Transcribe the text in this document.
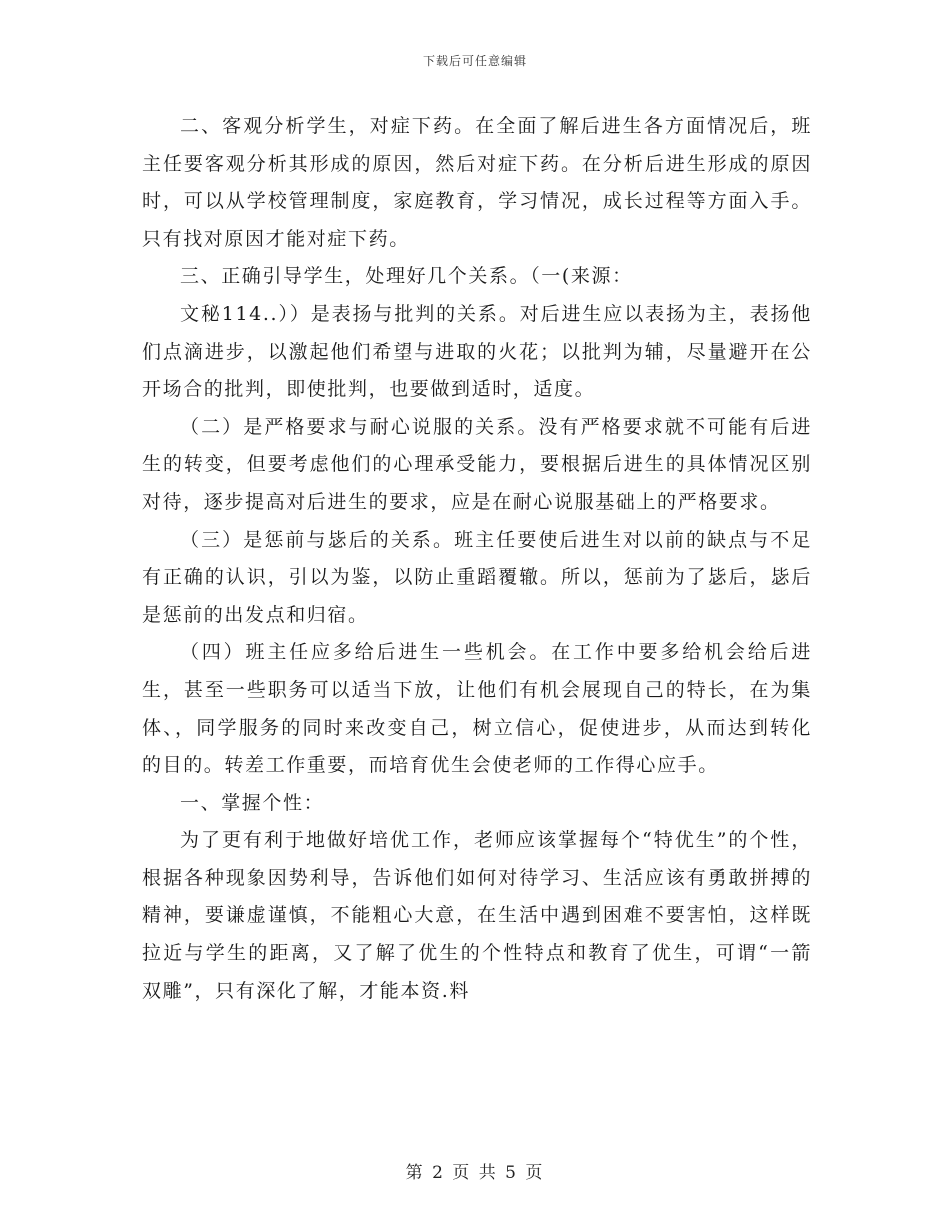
下载后可任意编辑

二、客观分析学生，对症下药。在全面了解后进生各方面情况后，班主任要客观分析其形成的原因，然后对症下药。在分析后进生形成的原因时，可以从学校管理制度，家庭教育，学习情况，成长过程等方面入手。只有找对原因才能对症下药。

三、正确引导学生，处理好几个关系。（一(来源：

文秘114..））是表扬与批判的关系。对后进生应以表扬为主，表扬他们点滴进步，以激起他们希望与进取的火花；以批判为辅，尽量避开在公开场合的批判，即使批判，也要做到适时，适度。

（二）是严格要求与耐心说服的关系。没有严格要求就不可能有后进生的转变，但要考虑他们的心理承受能力，要根据后进生的具体情况区别对待，逐步提高对后进生的要求，应是在耐心说服基础上的严格要求。

（三）是惩前与毖后的关系。班主任要使后进生对以前的缺点与不足有正确的认识，引以为鉴，以防止重蹈覆辙。所以，惩前为了毖后，毖后是惩前的出发点和归宿。

（四）班主任应多给后进生一些机会。在工作中要多给机会给后进生，甚至一些职务可以适当下放，让他们有机会展现自己的特长，在为集体、，同学服务的同时来改变自己，树立信心，促使进步，从而达到转化的目的。转差工作重要，而培育优生会使老师的工作得心应手。

一、掌握个性：

为了更有利于地做好培优工作，老师应该掌握每个“特优生”的个性，根据各种现象因势利导，告诉他们如何对待学习、生活应该有勇敢拼搏的精神，要谦虚谨慎，不能粗心大意，在生活中遇到困难不要害怕，这样既拉近与学生的距离，又了解了优生的个性特点和教育了优生，可谓“一箭双雕”，只有深化了解，才能本资.料

第 2 页 共 5 页
